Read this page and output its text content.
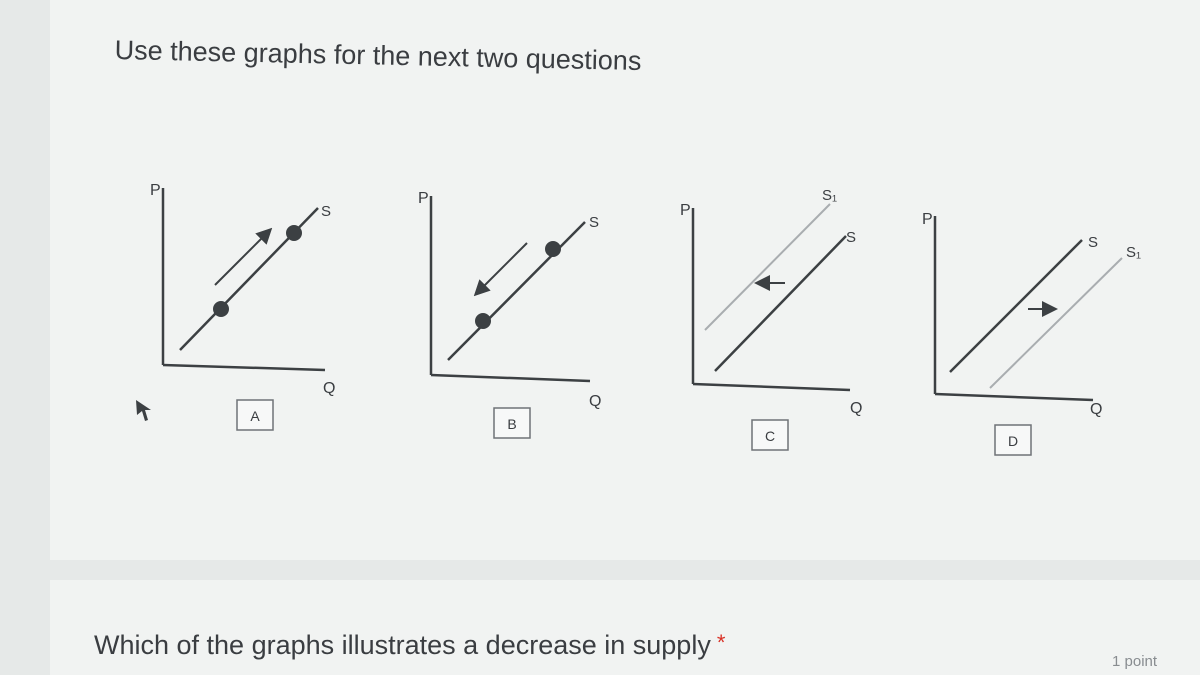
Use these graphs for the next two questions
P
Q
S
A
P
Q
S
B
P
Q
S₁
S
C
P
Q
S
S₁
D
Which of the graphs illustrates a decrease in supply *
1 point
